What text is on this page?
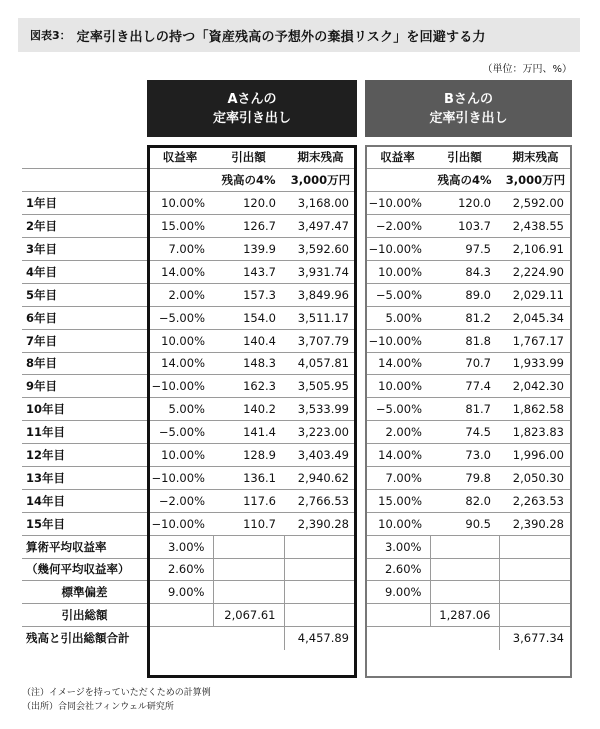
図表3： 定率引き出しの持つ「資産残高の予想外の棄損リスク」を回避する力
（単位：万円、%）
Aさんの
定率引き出し
Bさんの
定率引き出し
	収益率	引出額	期末残高		収益率	引出額	期末残高
		残高の4%	3,000万円			残高の4%	3,000万円
1年目	10.00%	120.0	3,168.00		−10.00%	120.0	2,592.00
2年目	15.00%	126.7	3,497.47		−2.00%	103.7	2,438.55
3年目	7.00%	139.9	3,592.60		−10.00%	97.5	2,106.91
4年目	14.00%	143.7	3,931.74		10.00%	84.3	2,224.90
5年目	2.00%	157.3	3,849.96		−5.00%	89.0	2,029.11
6年目	−5.00%	154.0	3,511.17		5.00%	81.2	2,045.34
7年目	10.00%	140.4	3,707.79		−10.00%	81.8	1,767.17
8年目	14.00%	148.3	4,057.81		14.00%	70.7	1,933.99
9年目	−10.00%	162.3	3,505.95		10.00%	77.4	2,042.30
10年目	5.00%	140.2	3,533.99		−5.00%	81.7	1,862.58
11年目	−5.00%	141.4	3,223.00		2.00%	74.5	1,823.83
12年目	10.00%	128.9	3,403.49		14.00%	73.0	1,996.00
13年目	−10.00%	136.1	2,940.62		7.00%	79.8	2,050.30
14年目	−2.00%	117.6	2,766.53		15.00%	82.0	2,263.53
15年目	−10.00%	110.7	2,390.28		10.00%	90.5	2,390.28
算術平均収益率	3.00%				3.00%		
（幾何平均収益率）	2.60%				2.60%		
標準偏差	9.00%				9.00%		
引出総額		2,067.61				1,287.06	
残高と引出総額合計			4,457.89				3,677.34
（注）イメージを持っていただくための計算例
（出所）合同会社フィンウェル研究所
